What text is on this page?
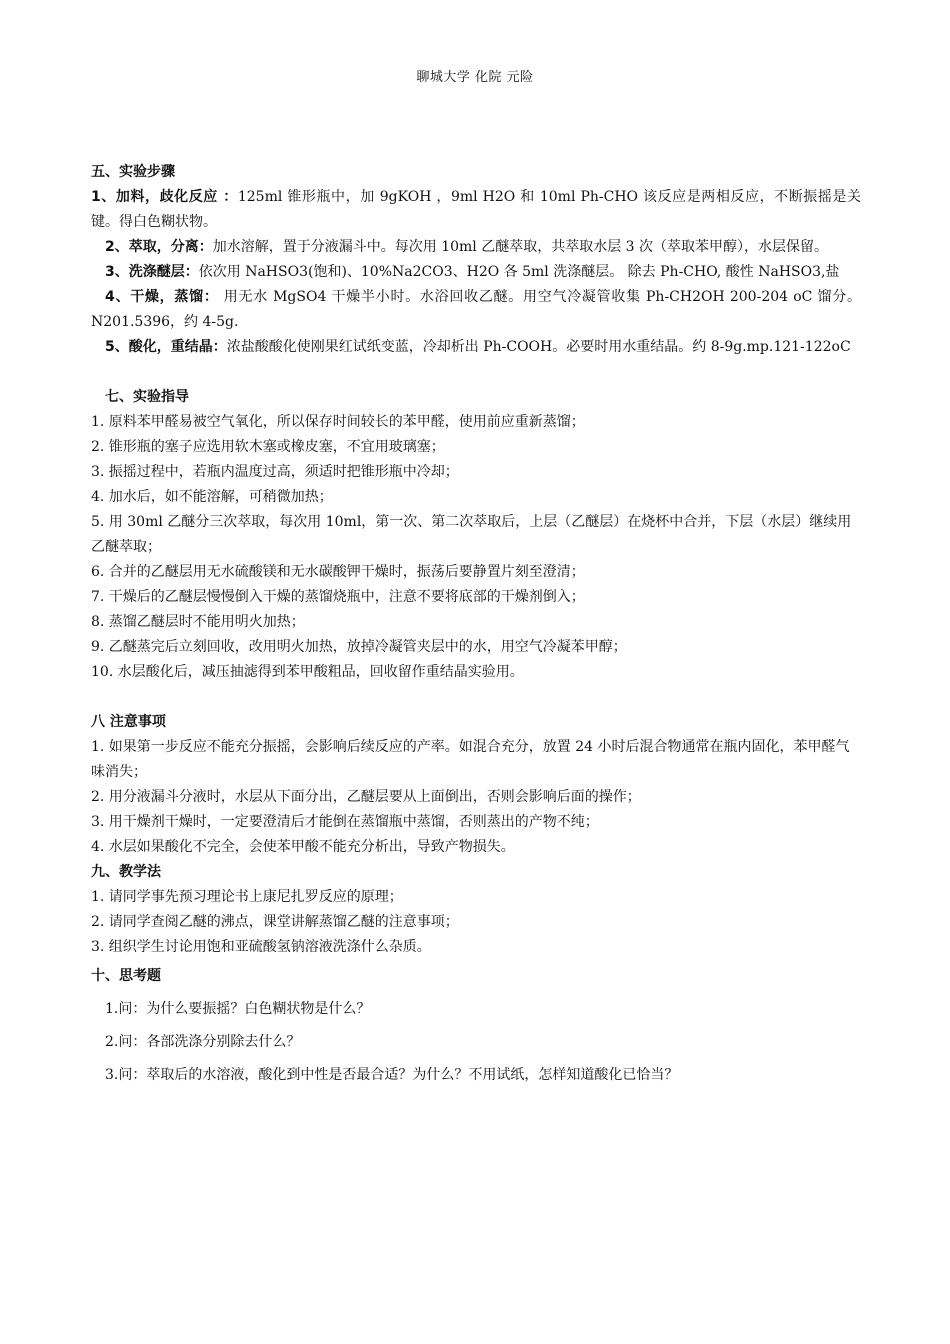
聊城大学 化院 元险

五、实验步骤

1、加料，歧化反应 ：125ml 锥形瓶中，加 9gKOH ，9ml H2O 和 10ml Ph-CHO 该反应是两相反应，不断振摇是关键。得白色糊状物。

2、萃取，分离：加水溶解，置于分液漏斗中。每次用 10ml 乙醚萃取，共萃取水层 3 次（萃取苯甲醇），水层保留。

3、洗涤醚层：依次用 NaHSO3(饱和)、10%Na2CO3、H2O 各 5ml 洗涤醚层。 除去 Ph-CHO, 酸性 NaHSO3,盐

4、干燥，蒸馏： 用无水 MgSO4 干燥半小时。水浴回收乙醚。用空气冷凝管收集 Ph-CH2OH 200-204 oC 馏分。N201.5396，约 4-5g.

5、酸化，重结晶：浓盐酸酸化使刚果红试纸变蓝，冷却析出 Ph-COOH。必要时用水重结晶。约 8-9g.mp.121-122oC

七、实验指导

1. 原料苯甲醛易被空气氧化，所以保存时间较长的苯甲醛，使用前应重新蒸馏；

2. 锥形瓶的塞子应选用软木塞或橡皮塞，不宜用玻璃塞；

3. 振摇过程中，若瓶内温度过高，须适时把锥形瓶中冷却；

4. 加水后，如不能溶解，可稍微加热；

5. 用 30ml 乙醚分三次萃取，每次用 10ml，第一次、第二次萃取后，上层（乙醚层）在烧杯中合并，下层（水层）继续用乙醚萃取；

6. 合并的乙醚层用无水硫酸镁和无水碳酸钾干燥时，振荡后要静置片刻至澄清；

7. 干燥后的乙醚层慢慢倒入干燥的蒸馏烧瓶中，注意不要将底部的干燥剂倒入；

8. 蒸馏乙醚层时不能用明火加热；

9. 乙醚蒸完后立刻回收，改用明火加热，放掉冷凝管夹层中的水，用空气冷凝苯甲醇；

10. 水层酸化后，减压抽滤得到苯甲酸粗品，回收留作重结晶实验用。

八 注意事项

1. 如果第一步反应不能充分振摇，会影响后续反应的产率。如混合充分，放置 24 小时后混合物通常在瓶内固化，苯甲醛气味消失；

2. 用分液漏斗分液时，水层从下面分出，乙醚层要从上面倒出，否则会影响后面的操作；

3. 用干燥剂干燥时，一定要澄清后才能倒在蒸馏瓶中蒸馏，否则蒸出的产物不纯；

4. 水层如果酸化不完全，会使苯甲酸不能充分析出，导致产物损失。

九、教学法

1. 请同学事先预习理论书上康尼扎罗反应的原理；

2. 请同学查阅乙醚的沸点，课堂讲解蒸馏乙醚的注意事项；

3. 组织学生讨论用饱和亚硫酸氢钠溶液洗涤什么杂质。

十、思考题

1.问：为什么要振摇？白色糊状物是什么？

2.问：各部洗涤分别除去什么？

3.问：萃取后的水溶液，酸化到中性是否最合适？为什么？不用试纸，怎样知道酸化已恰当？
